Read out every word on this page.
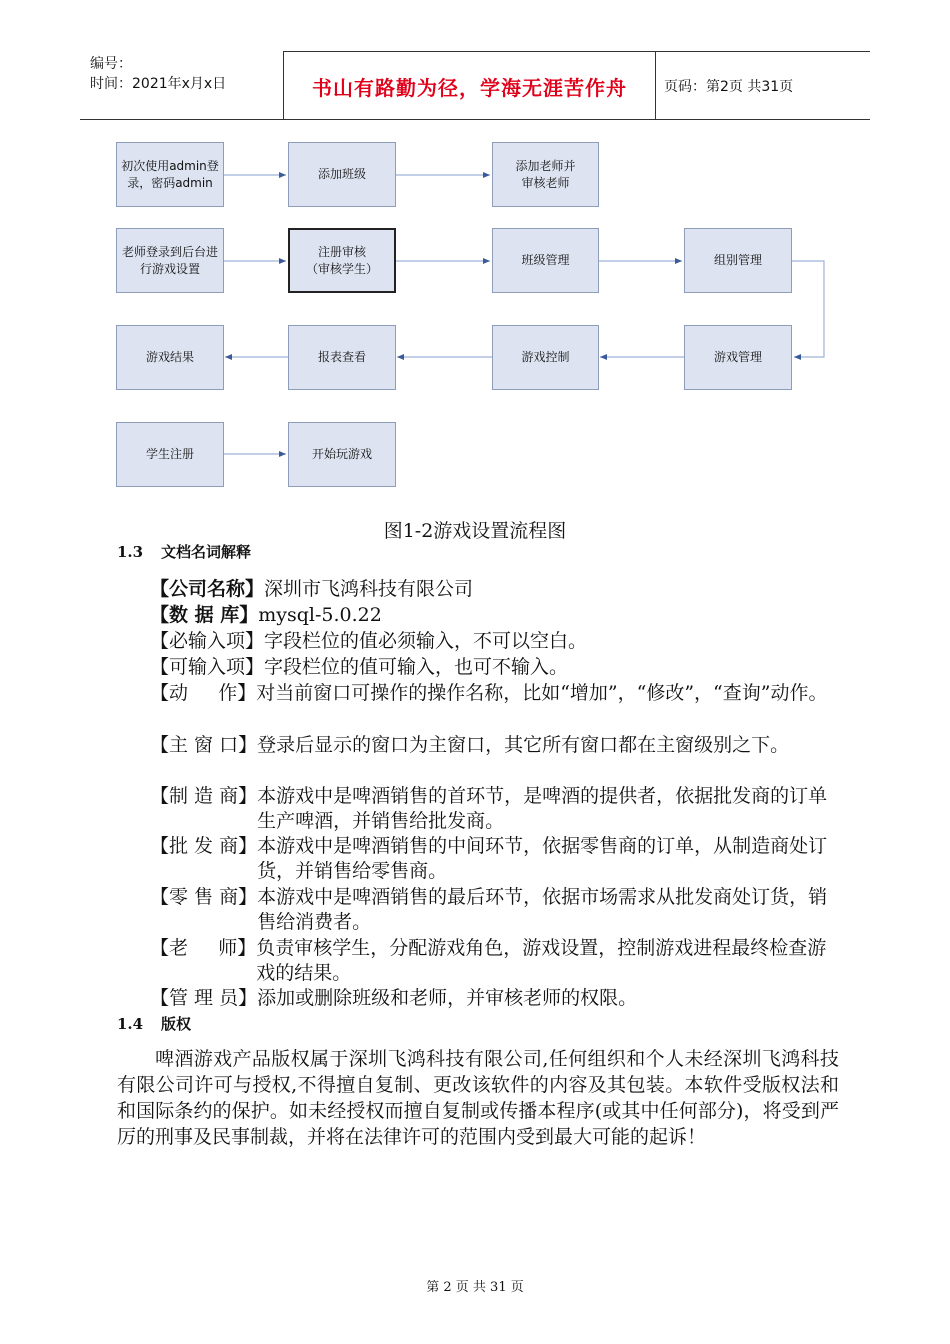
编号：
时间：2021年x月x日	书山有路勤为径，学海无涯苦作舟	页码：第2页 共31页
初次使用admin登
录，密码admin
添加班级
添加老师并
审核老师
老师登录到后台进
行游戏设置
注册审核
（审核学生）
班级管理	组别管理
游戏结果	报表查看	游戏控制	游戏管理
学生注册	开始玩游戏
图1-2游戏设置流程图
1.3 文档名词解释
【公司名称】深圳市飞鸿科技有限公司
【数 据 库】mysql-5.0.22
【必输入项】字段栏位的值必须输入，不可以空白。
【可输入项】字段栏位的值可输入，也可不输入。
【动     作】 对当前窗口可操作的操作名称，比如“增加”，“修改”，“查询”动作。
【主 窗 口】 登录后显示的窗口为主窗口，其它所有窗口都在主窗级别之下。
【制 造 商】 本游戏中是啤酒销售的首环节，是啤酒的提供者，依据批发商的订单生产啤酒，并销售给批发商。
【批 发 商】 本游戏中是啤酒销售的中间环节，依据零售商的订单，从制造商处订货，并销售给零售商。
【零 售 商】 本游戏中是啤酒销售的最后环节，依据市场需求从批发商处订货，销售给消费者。
【老     师】 负责审核学生，分配游戏角色，游戏设置，控制游戏进程最终检查游戏的结果。
【管 理 员】添加或删除班级和老师，并审核老师的权限。
1.4 版权
啤酒游戏产品版权属于深圳飞鸿科技有限公司,任何组织和个人未经深圳飞鸿科技有限公司许可与授权,不得擅自复制、更改该软件的内容及其包装。本软件受版权法和和国际条约的保护。如未经授权而擅自复制或传播本程序(或其中任何部分)，将受到严厉的刑事及民事制裁，并将在法律许可的范围内受到最大可能的起诉！
第 2 页 共 31 页
